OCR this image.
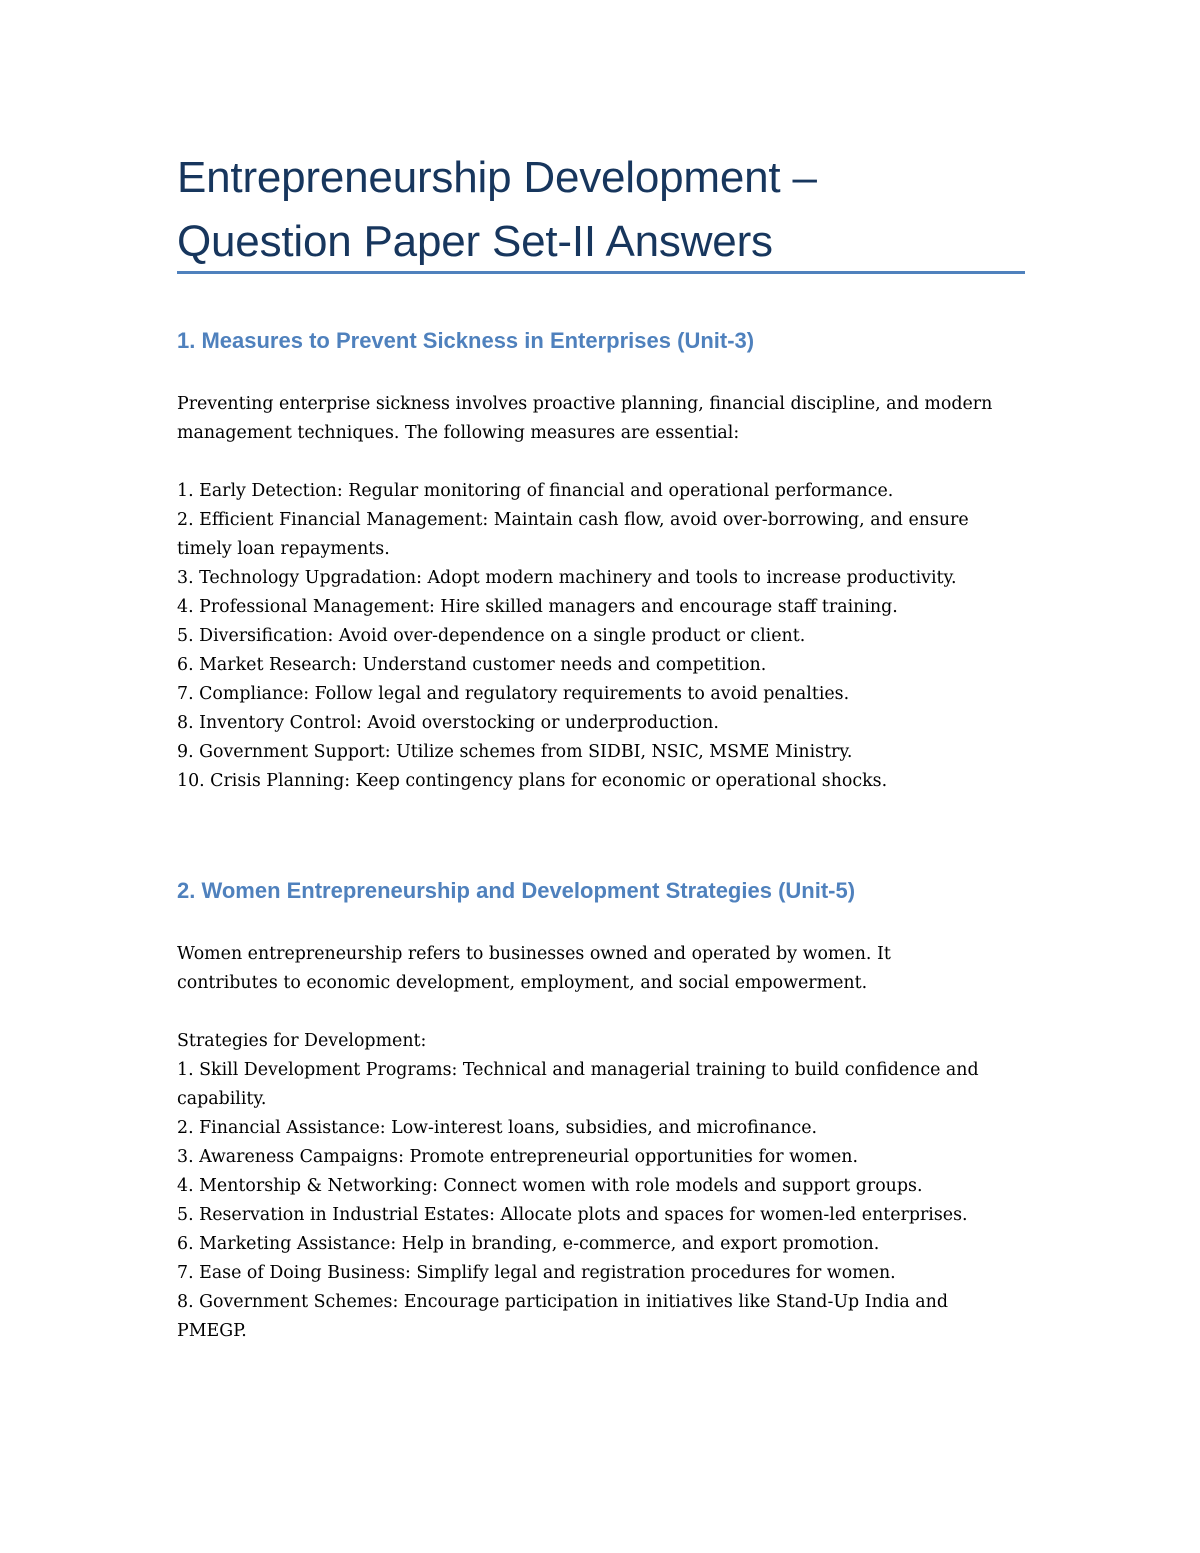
Entrepreneurship Development –
Question Paper Set-II Answers
1. Measures to Prevent Sickness in Enterprises (Unit-3)

Preventing enterprise sickness involves proactive planning, financial discipline, and modern
management techniques. The following measures are essential:

1. Early Detection: Regular monitoring of financial and operational performance.
2. Efficient Financial Management: Maintain cash flow, avoid over-borrowing, and ensure
timely loan repayments.
3. Technology Upgradation: Adopt modern machinery and tools to increase productivity.
4. Professional Management: Hire skilled managers and encourage staff training.
5. Diversification: Avoid over-dependence on a single product or client.
6. Market Research: Understand customer needs and competition.
7. Compliance: Follow legal and regulatory requirements to avoid penalties.
8. Inventory Control: Avoid overstocking or underproduction.
9. Government Support: Utilize schemes from SIDBI, NSIC, MSME Ministry.
10. Crisis Planning: Keep contingency plans for economic or operational shocks.
2. Women Entrepreneurship and Development Strategies (Unit-5)

Women entrepreneurship refers to businesses owned and operated by women. It
contributes to economic development, employment, and social empowerment.

Strategies for Development:

1. Skill Development Programs: Technical and managerial training to build confidence and
capability.
2. Financial Assistance: Low-interest loans, subsidies, and microfinance.
3. Awareness Campaigns: Promote entrepreneurial opportunities for women.
4. Mentorship & Networking: Connect women with role models and support groups.
5. Reservation in Industrial Estates: Allocate plots and spaces for women-led enterprises.
6. Marketing Assistance: Help in branding, e-commerce, and export promotion.
7. Ease of Doing Business: Simplify legal and registration procedures for women.
8. Government Schemes: Encourage participation in initiatives like Stand-Up India and
PMEGP.
